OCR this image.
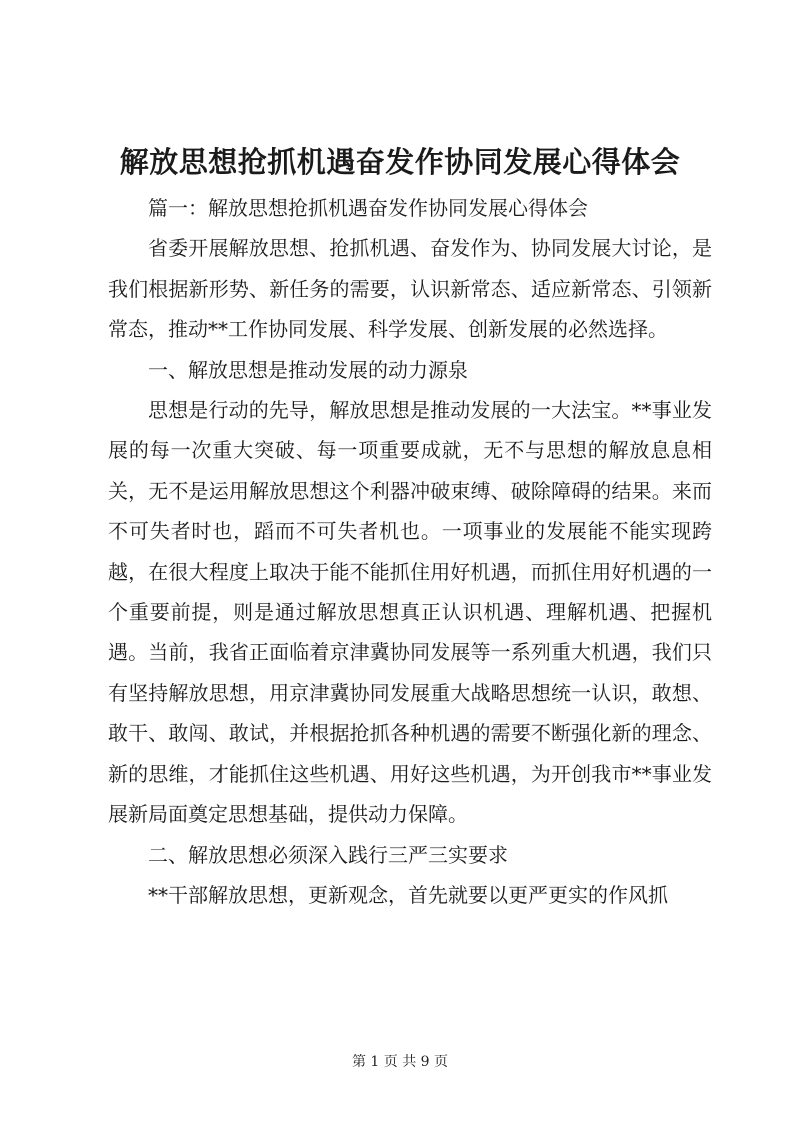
解放思想抢抓机遇奋发作协同发展心得体会

篇一：解放思想抢抓机遇奋发作协同发展心得体会

省委开展解放思想、抢抓机遇、奋发作为、协同发展大讨论，是我们根据新形势、新任务的需要，认识新常态、适应新常态、引领新常态，推动**工作协同发展、科学发展、创新发展的必然选择。

一、解放思想是推动发展的动力源泉

思想是行动的先导，解放思想是推动发展的一大法宝。**事业发展的每一次重大突破、每一项重要成就，无不与思想的解放息息相关，无不是运用解放思想这个利器冲破束缚、破除障碍的结果。来而不可失者时也，蹈而不可失者机也。一项事业的发展能不能实现跨越，在很大程度上取决于能不能抓住用好机遇，而抓住用好机遇的一个重要前提，则是通过解放思想真正认识机遇、理解机遇、把握机遇。当前，我省正面临着京津冀协同发展等一系列重大机遇，我们只有坚持解放思想，用京津冀协同发展重大战略思想统一认识，敢想、敢干、敢闯、敢试，并根据抢抓各种机遇的需要不断强化新的理念、新的思维，才能抓住这些机遇、用好这些机遇，为开创我市**事业发展新局面奠定思想基础，提供动力保障。

二、解放思想必须深入践行三严三实要求

**干部解放思想，更新观念，首先就要以更严更实的作风抓

第 1 页 共 9 页
